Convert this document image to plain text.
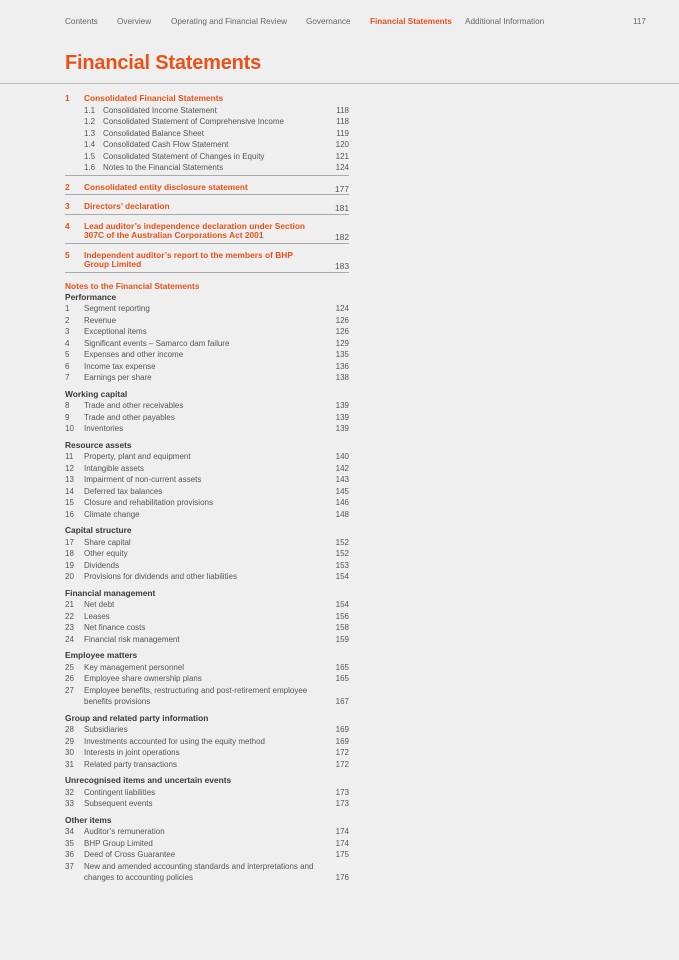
Contents Overview Operating and Financial Review Governance Financial Statements Additional Information	117
Financial Statements
1	Consolidated Financial Statements
1.1 Consolidated Income Statement	118
1.2 Consolidated Statement of Comprehensive Income	118
1.3 Consolidated Balance Sheet	119
1.4 Consolidated Cash Flow Statement	120
1.5 Consolidated Statement of Changes in Equity	121
1.6 Notes to the Financial Statements	124
2	Consolidated entity disclosure statement	177
3	Directors’ declaration	181
4	Lead auditor’s independence declaration under Section 307C of the Australian Corporations Act 2001	182
5	Independent auditor’s report to the members of BHP Group Limited	183
Notes to the Financial Statements
Performance
1	Segment reporting	124
2	Revenue	126
3	Exceptional items	126
4	Significant events – Samarco dam failure	129
5	Expenses and other income	135
6	Income tax expense	136
7	Earnings per share	138
Working capital
8	Trade and other receivables	139
9	Trade and other payables	139
10	Inventories	139
Resource assets
11	Property, plant and equipment	140
12	Intangible assets	142
13	Impairment of non-current assets	143
14	Deferred tax balances	145
15	Closure and rehabilitation provisions	146
16	Climate change	148
Capital structure
17	Share capital	152
18	Other equity	152
19	Dividends	153
20	Provisions for dividends and other liabilities	154
Financial management
21	Net debt	154
22	Leases	156
23	Net finance costs	158
24	Financial risk management	159
Employee matters
25	Key management personnel	165
26	Employee share ownership plans	165
27	Employee benefits, restructuring and post-retirement employee benefits provisions	167
Group and related party information
28	Subsidiaries	169
29	Investments accounted for using the equity method	169
30	Interests in joint operations	172
31	Related party transactions	172
Unrecognised items and uncertain events
32	Contingent liabilities	173
33	Subsequent events	173
Other items
34	Auditor’s remuneration	174
35	BHP Group Limited	174
36	Deed of Cross Guarantee	175
37	New and amended accounting standards and interpretations and changes to accounting policies	176
